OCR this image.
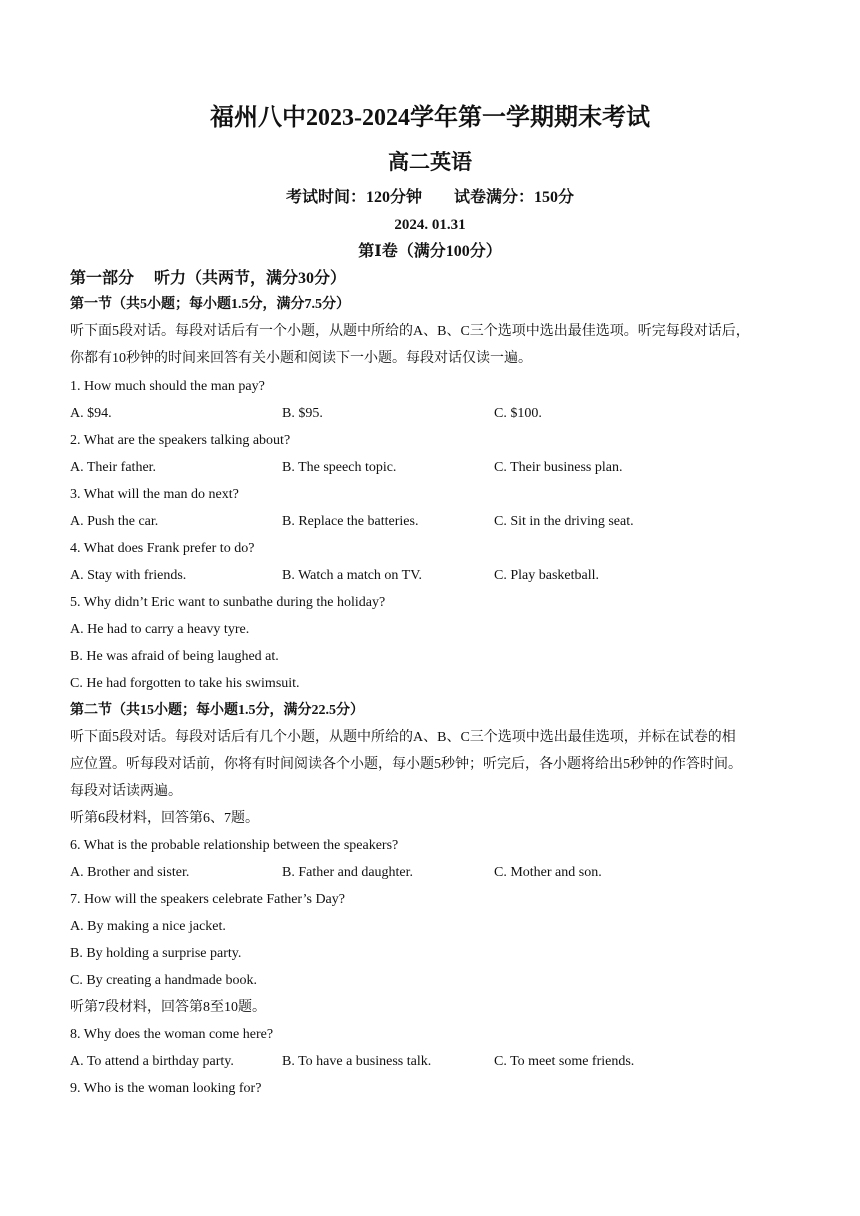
福州八中2023-2024学年第一学期期末考试
高二英语
考试时间：120分钟　　试卷满分：150分
2024. 01.31
第Ⅰ卷（满分100分）
第一部分　 听力（共两节，满分30分）
第一节（共5小题；每小题1.5分，满分7.5分）
听下面5段对话。每段对话后有一个小题，从题中所给的A、B、C三个选项中选出最佳选项。听完每段对话后，
你都有10秒钟的时间来回答有关小题和阅读下一小题。每段对话仅读一遍。
1. How much should the man pay?
A. $94.	B. $95.	C. $100.
2. What are the speakers talking about?
A. Their father.	B. The speech topic.	C. Their business plan.
3. What will the man do next?
A. Push the car.	B. Replace the batteries.	C. Sit in the driving seat.
4. What does Frank prefer to do?
A. Stay with friends.	B. Watch a match on TV.	C. Play basketball.
5. Why didn’t Eric want to sunbathe during the holiday?
A. He had to carry a heavy tyre.
B. He was afraid of being laughed at.
C. He had forgotten to take his swimsuit.
第二节（共15小题；每小题1.5分，满分22.5分）
听下面5段对话。每段对话后有几个小题，从题中所给的A、B、C三个选项中选出最佳选项，并标在试卷的相
应位置。听每段对话前，你将有时间阅读各个小题，每小题5秒钟；听完后，各小题将给出5秒钟的作答时间。
每段对话读两遍。
听第6段材料，回答第6、7题。
6. What is the probable relationship between the speakers?
A. Brother and sister.	B. Father and daughter.	C. Mother and son.
7. How will the speakers celebrate Father’s Day?
A. By making a nice jacket.
B. By holding a surprise party.
C. By creating a handmade book.
听第7段材料，回答第8至10题。
8. Why does the woman come here?
A. To attend a birthday party.	B. To have a business talk.	C. To meet some friends.
9. Who is the woman looking for?
